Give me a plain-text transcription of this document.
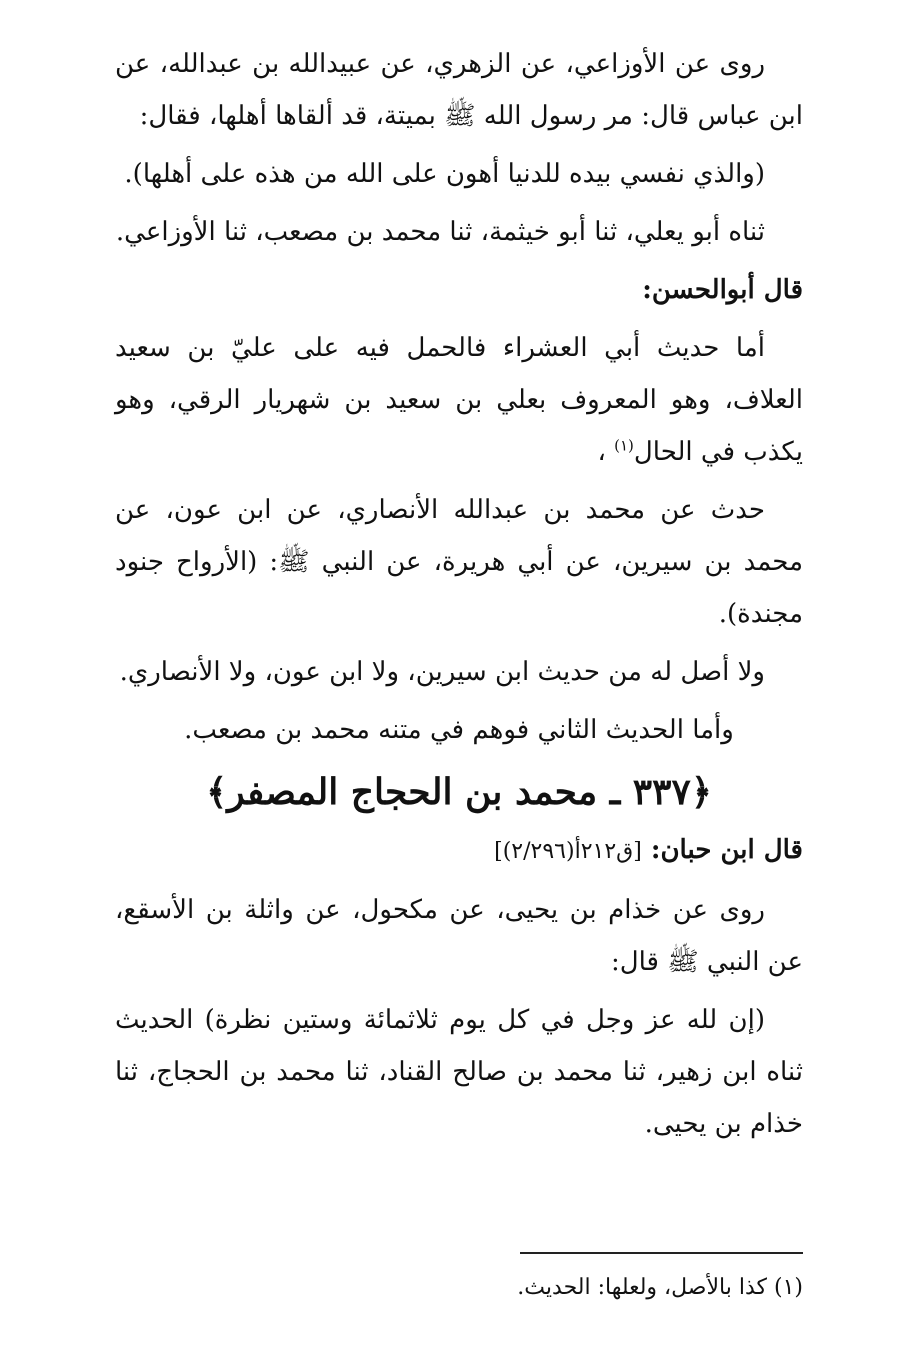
روى عن الأوزاعي، عن الزهري، عن عبيدالله بن عبدالله، عن ابن عباس قال: مر رسول الله ﷺ بميتة، قد ألقاها أهلها، فقال:

(والذي نفسي بيده للدنيا أهون على الله من هذه على أهلها).

ثناه أبو يعلي، ثنا أبو خيثمة، ثنا محمد بن مصعب، ثنا الأوزاعي.

قال أبوالحسن:

أما حديث أبي العشراء فالحمل فيه على عليّ بن سعيد العلاف، وهو المعروف بعلي بن سعيد بن شهريار الرقي، وهو يكذب في الحال$^{(١)}$ ،

حدث عن محمد بن عبدالله الأنصاري، عن ابن عون، عن محمد بن سيرين، عن أبي هريرة، عن النبي ﷺ: (الأرواح جنود مجندة).

ولا أصل له من حديث ابن سيرين، ولا ابن عون، ولا الأنصاري.

وأما الحديث الثاني فوهم في متنه محمد بن مصعب.

﴿٣٣٧ ـ محمد بن الحجاج المصفر﴾

قال ابن حبان: [ق٢١٢أ(٢/٢٩٦)]

روى عن خذام بن يحيى، عن مكحول، عن واثلة بن الأسقع، عن النبي ﷺ قال:

(إن لله عز وجل في كل يوم ثلاثمائة وستين نظرة) الحديث ثناه ابن زهير، ثنا محمد بن صالح القناد، ثنا محمد بن الحجاج، ثنا خذام بن يحيى.

(١) كذا بالأصل، ولعلها: الحديث.
